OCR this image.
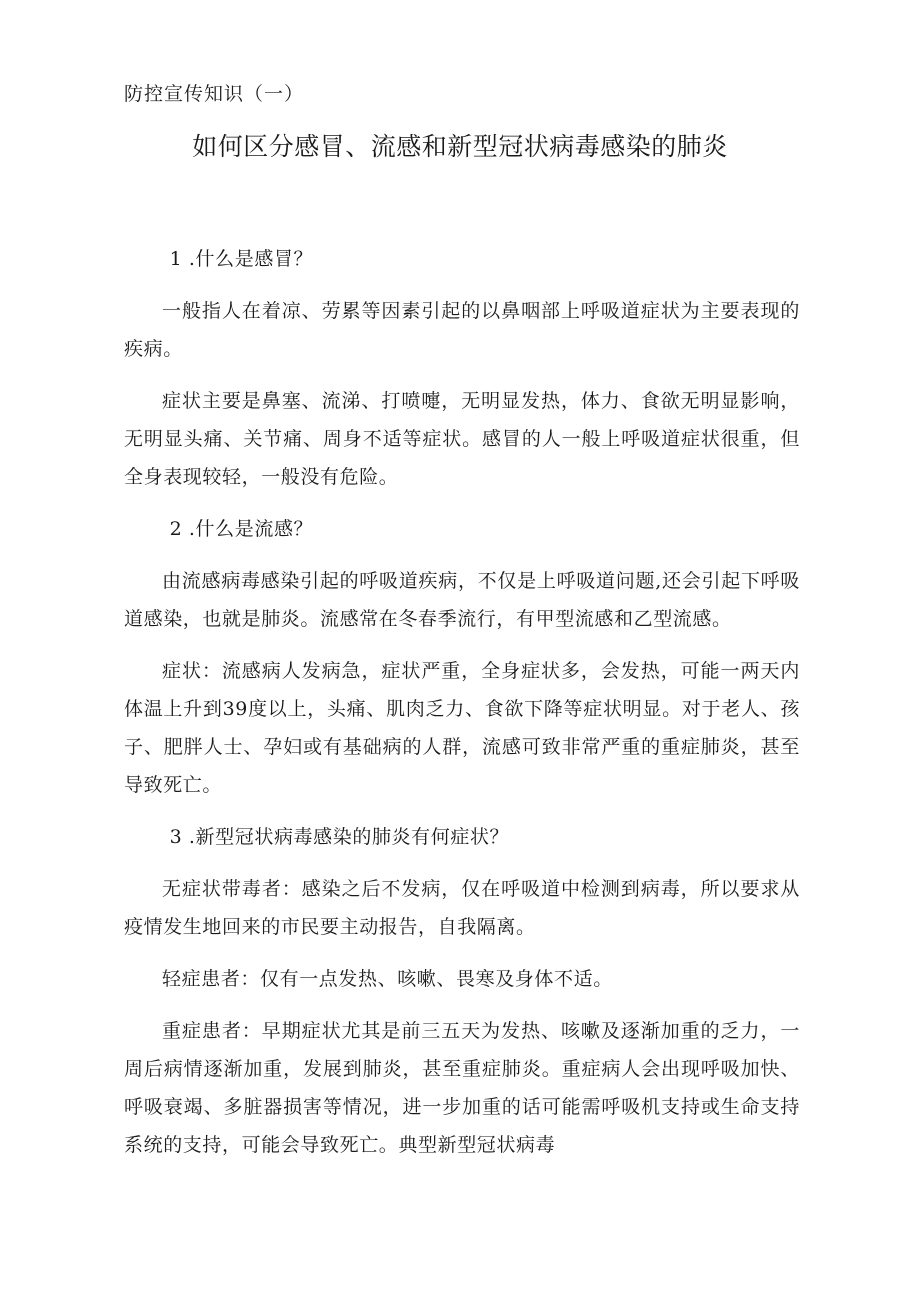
防控宣传知识（一）
如何区分感冒、流感和新型冠状病毒感染的肺炎

1 .什么是感冒？

一般指人在着凉、劳累等因素引起的以鼻咽部上呼吸道症状为主要表现的疾病。

症状主要是鼻塞、流涕、打喷嚏，无明显发热，体力、食欲无明显影响，无明显头痛、关节痛、周身不适等症状。感冒的人一般上呼吸道症状很重，但全身表现较轻，一般没有危险。

2 .什么是流感？

由流感病毒感染引起的呼吸道疾病，不仅是上呼吸道问题,还会引起下呼吸道感染，也就是肺炎。流感常在冬春季流行，有甲型流感和乙型流感。

症状：流感病人发病急，症状严重，全身症状多，会发热，可能一两天内体温上升到39度以上，头痛、肌肉乏力、食欲下降等症状明显。对于老人、孩子、肥胖人士、孕妇或有基础病的人群，流感可致非常严重的重症肺炎，甚至导致死亡。

3 .新型冠状病毒感染的肺炎有何症状？

无症状带毒者：感染之后不发病，仅在呼吸道中检测到病毒，所以要求从疫情发生地回来的市民要主动报告，自我隔离。

轻症患者：仅有一点发热、咳嗽、畏寒及身体不适。

重症患者：早期症状尤其是前三五天为发热、咳嗽及逐渐加重的乏力，一周后病情逐渐加重，发展到肺炎，甚至重症肺炎。重症病人会出现呼吸加快、呼吸衰竭、多脏器损害等情况，进一步加重的话可能需呼吸机支持或生命支持系统的支持，可能会导致死亡。典型新型冠状病毒
